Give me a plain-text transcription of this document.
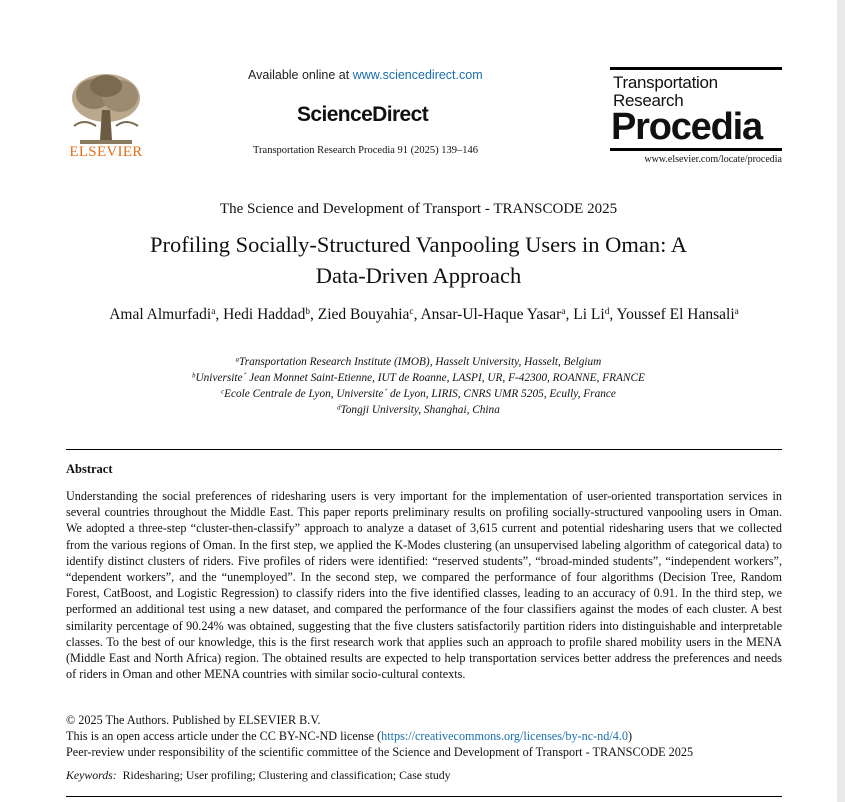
ELSEVIER
Available online at www.sciencedirect.com
ScienceDirect
Transportation Research Procedia 91 (2025) 139–146
Transportation
Research
Procedia
www.elsevier.com/locate/procedia
The Science and Development of Transport - TRANSCODE 2025
Profiling Socially-Structured Vanpooling Users in Oman: A
Data-Driven Approach
Amal Almurfadi$^a$, Hedi Haddad$^b$, Zied Bouyahia$^c$, Ansar-Ul-Haque Yasar$^a$, Li Li$^d$, Youssef El Hansali$^a$
$^a$Transportation Research Institute (IMOB), Hasselt University, Hasselt, Belgium
$^b$Universite´ Jean Monnet Saint-Etienne, IUT de Roanne, LASPI, UR, F-42300, ROANNE, FRANCE
$^c$Ecole Centrale de Lyon, Universite´ de Lyon, LIRIS, CNRS UMR 5205, Ecully, France
$^d$Tongji University, Shanghai, China
Abstract
Understanding the social preferences of ridesharing users is very important for the implementation of user-oriented transportation services in several countries throughout the Middle East. This paper reports preliminary results on profiling socially-structured vanpooling users in Oman. We adopted a three-step “cluster-then-classify” approach to analyze a dataset of 3,615 current and potential ridesharing users that we collected from the various regions of Oman. In the first step, we applied the K-Modes clustering (an unsupervised labeling algorithm of categorical data) to identify distinct clusters of riders. Five profiles of riders were identified: “reserved students”, “broad-minded students”, “independent workers”, “dependent workers”, and the “unemployed”. In the second step, we compared the performance of four algorithms (Decision Tree, Random Forest, CatBoost, and Logistic Regression) to classify riders into the five identified classes, leading to an accuracy of 0.91. In the third step, we performed an additional test using a new dataset, and compared the performance of the four classifiers against the modes of each cluster. A best similarity percentage of 90.24% was obtained, suggesting that the five clusters satisfactorily partition riders into distinguishable and interpretable classes. To the best of our knowledge, this is the first research work that applies such an approach to profile shared mobility users in the MENA (Middle East and North Africa) region. The obtained results are expected to help transportation services better address the preferences and needs of riders in Oman and other MENA countries with similar socio-cultural contexts.
© 2025 The Authors. Published by ELSEVIER B.V.
This is an open access article under the CC BY-NC-ND license (https://creativecommons.org/licenses/by-nc-nd/4.0)
Peer-review under responsibility of the scientific committee of the Science and Development of Transport - TRANSCODE 2025
Keywords: Ridesharing; User profiling; Clustering and classification; Case study
